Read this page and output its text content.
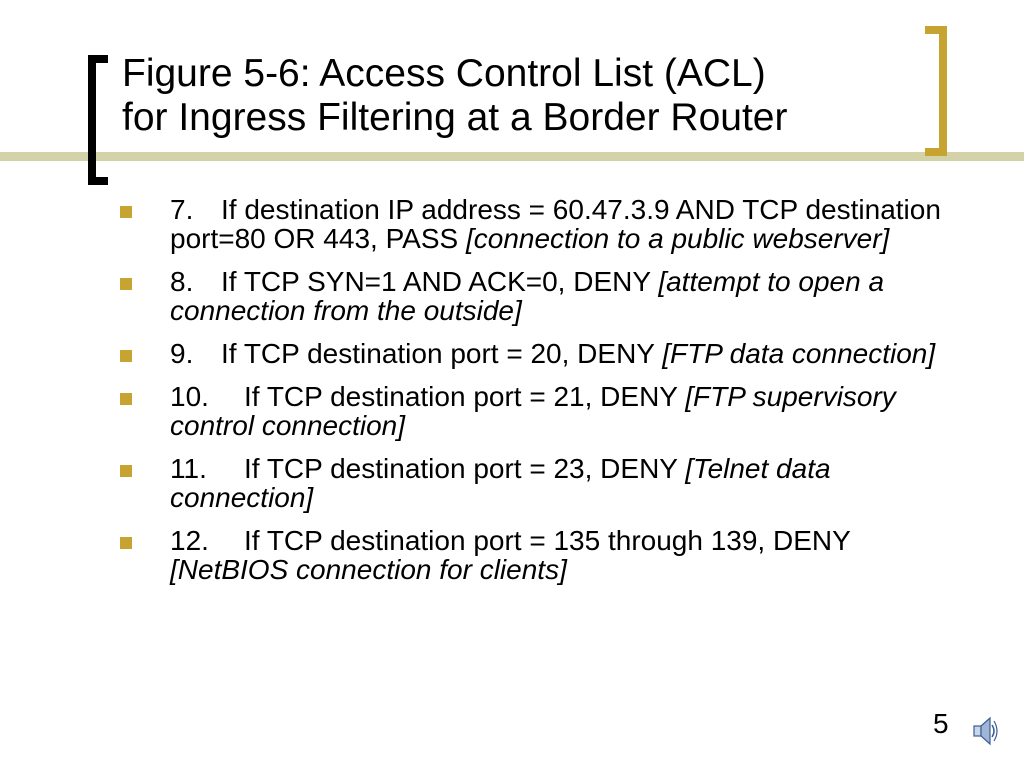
Figure 5-6: Access Control List (ACL)
for Ingress Filtering at a Border Router
7. If destination IP address = 60.47.3.9 AND TCP destination port=80 OR 443, PASS [connection to a public webserver]
8. If TCP SYN=1 AND ACK=0, DENY [attempt to open a connection from the outside]
9. If TCP destination port = 20, DENY [FTP data connection]
10. If TCP destination port = 21, DENY [FTP supervisory control connection]
11. If TCP destination port = 23, DENY [Telnet data connection]
12. If TCP destination port = 135 through 139, DENY [NetBIOS connection for clients]
5
